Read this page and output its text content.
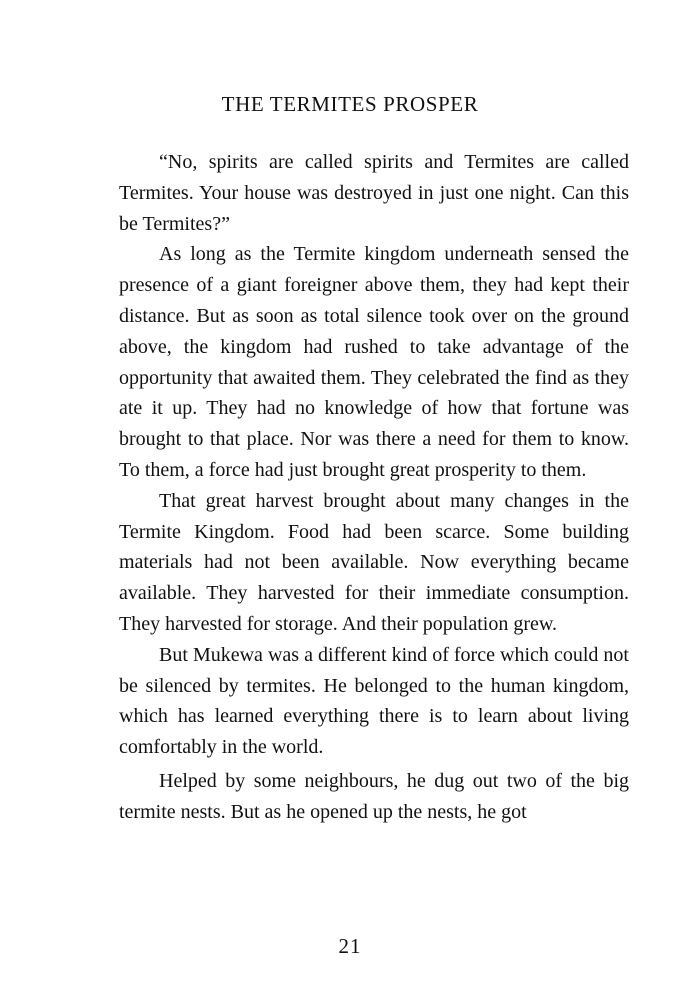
THE TERMITES PROSPER

“No, spirits are called spirits and Termites are called Termites. Your house was destroyed in just one night. Can this be Termites?”

As long as the Termite kingdom underneath sensed the presence of a giant foreigner above them, they had kept their distance. But as soon as total silence took over on the ground above, the kingdom had rushed to take advantage of the opportunity that awaited them. They celebrated the find as they ate it up. They had no knowledge of how that fortune was brought to that place. Nor was there a need for them to know. To them, a force had just brought great prosperity to them.

That great harvest brought about many changes in the Termite Kingdom. Food had been scarce. Some building materials had not been available. Now everything became available. They harvested for their immediate consumption. They harvested for storage. And their population grew.

But Mukewa was a different kind of force which could not be silenced by termites. He belonged to the human kingdom, which has learned everything there is to learn about living comfortably in the world.

Helped by some neighbours, he dug out two of the big termite nests. But as he opened up the nests, he got

21
